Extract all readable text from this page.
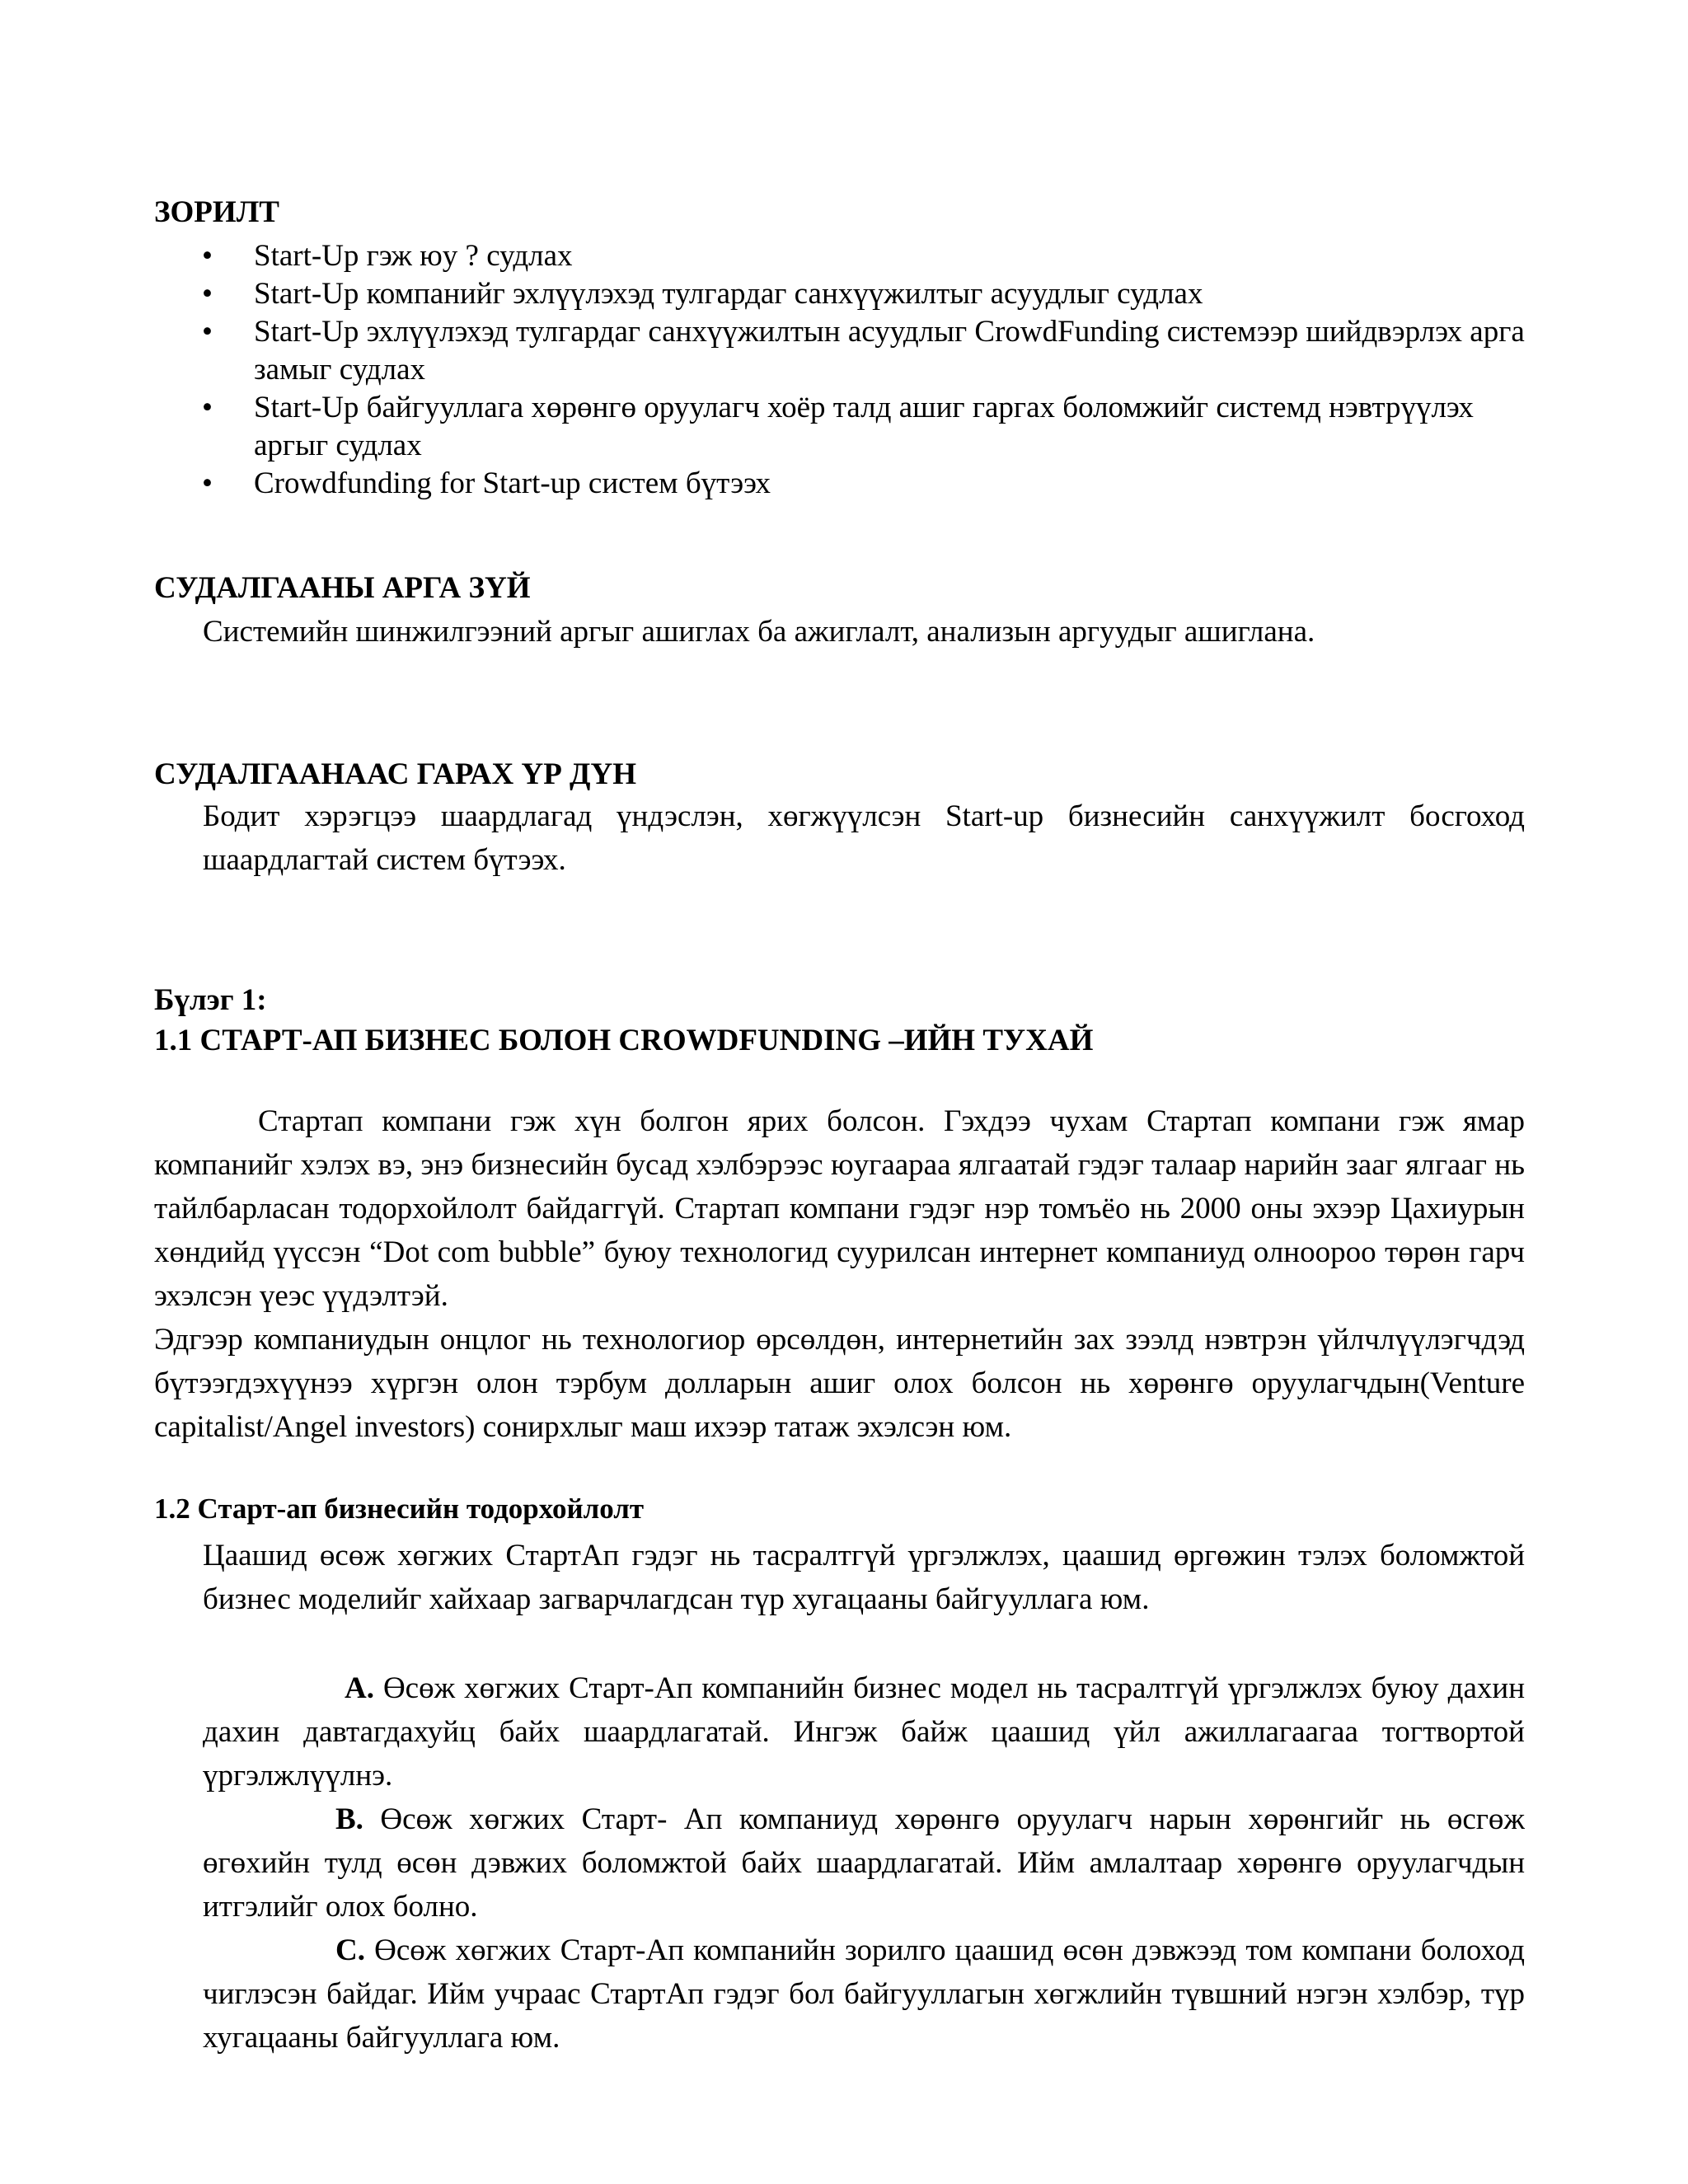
ЗОРИЛТ
• Start-Up гэж юу ? судлах
• Start-Up компанийг эхлүүлэхэд тулгардаг санхүүжилтыг асуудлыг судлах
• Start-Up эхлүүлэхэд тулгардаг санхүүжилтын асуудлыг CrowdFunding системээр шийдвэрлэх арга замыг судлах
• Start-Up байгууллага хөрөнгө оруулагч хоёр талд ашиг гаргах боломжийг системд нэвтрүүлэх аргыг судлах
• Crowdfunding for Start-up систем бүтээх
СУДАЛГААНЫ АРГА ЗҮЙ

Системийн шинжилгээний аргыг ашиглах ба ажиглалт, анализын аргуудыг ашиглана.

СУДАЛГААНААС ГАРАХ ҮР ДҮН

Бодит хэрэгцээ шаардлагад үндэслэн, хөгжүүлсэн Start-up бизнесийн санхүүжилт босгоход шаардлагтай систем бүтээх.

Бүлэг 1:
1.1 СТАРТ-АП БИЗНЕС БОЛОН CROWDFUNDING –ИЙН ТУХАЙ

Стартап компани гэж хүн болгон ярих болсон. Гэхдээ чухам Стартап компани гэж ямар компанийг хэлэх вэ, энэ бизнесийн бусад хэлбэрээс юугаараа ялгаатай гэдэг талаар нарийн зааг ялгааг нь тайлбарласан тодорхойлолт байдаггүй. Стартап компани гэдэг нэр томъёо нь 2000 оны эхээр Цахиурын хөндийд үүссэн “Dot com bubble” буюу технологид суурилсан интернет компаниуд олноороо төрөн гарч эхэлсэн үеэс үүдэлтэй.

Эдгээр компаниудын онцлог нь технологиор өрсөлдөн, интернетийн зах зээлд нэвтрэн үйлчлүүлэгчдэд бүтээгдэхүүнээ хүргэн олон тэрбум долларын ашиг олох болсон нь хөрөнгө оруулагчдын(Venture capitalist/Angel investors) сонирхлыг маш ихээр татаж эхэлсэн юм.

1.2 Старт-ап бизнесийн тодорхойлолт

Цаашид өсөж хөгжих СтартАп гэдэг нь тасралтгүй үргэлжлэх, цаашид өргөжин тэлэх боломжтой бизнес моделийг хайхаар загварчлагдсан түр хугацааны байгууллага юм.

A. Өсөж хөгжих Старт-Ап компанийн бизнес модел нь тасралтгүй үргэлжлэх буюу дахин дахин давтагдахуйц байх шаардлагатай. Ингэж байж цаашид үйл ажиллагаагаа тогтвортой үргэлжлүүлнэ.

B. Өсөж хөгжих Старт- Ап компаниуд хөрөнгө оруулагч нарын хөрөнгийг нь өсгөж өгөхийн тулд өсөн дэвжих боломжтой байх шаардлагатай. Ийм амлалтаар хөрөнгө оруулагчдын итгэлийг олох болно.

C. Өсөж хөгжих Старт-Ап компанийн зорилго цаашид өсөн дэвжээд том компани болоход чиглэсэн байдаг. Ийм учраас СтартАп гэдэг бол байгууллагын хөгжлийн түвшний нэгэн хэлбэр, түр хугацааны байгууллага юм.
